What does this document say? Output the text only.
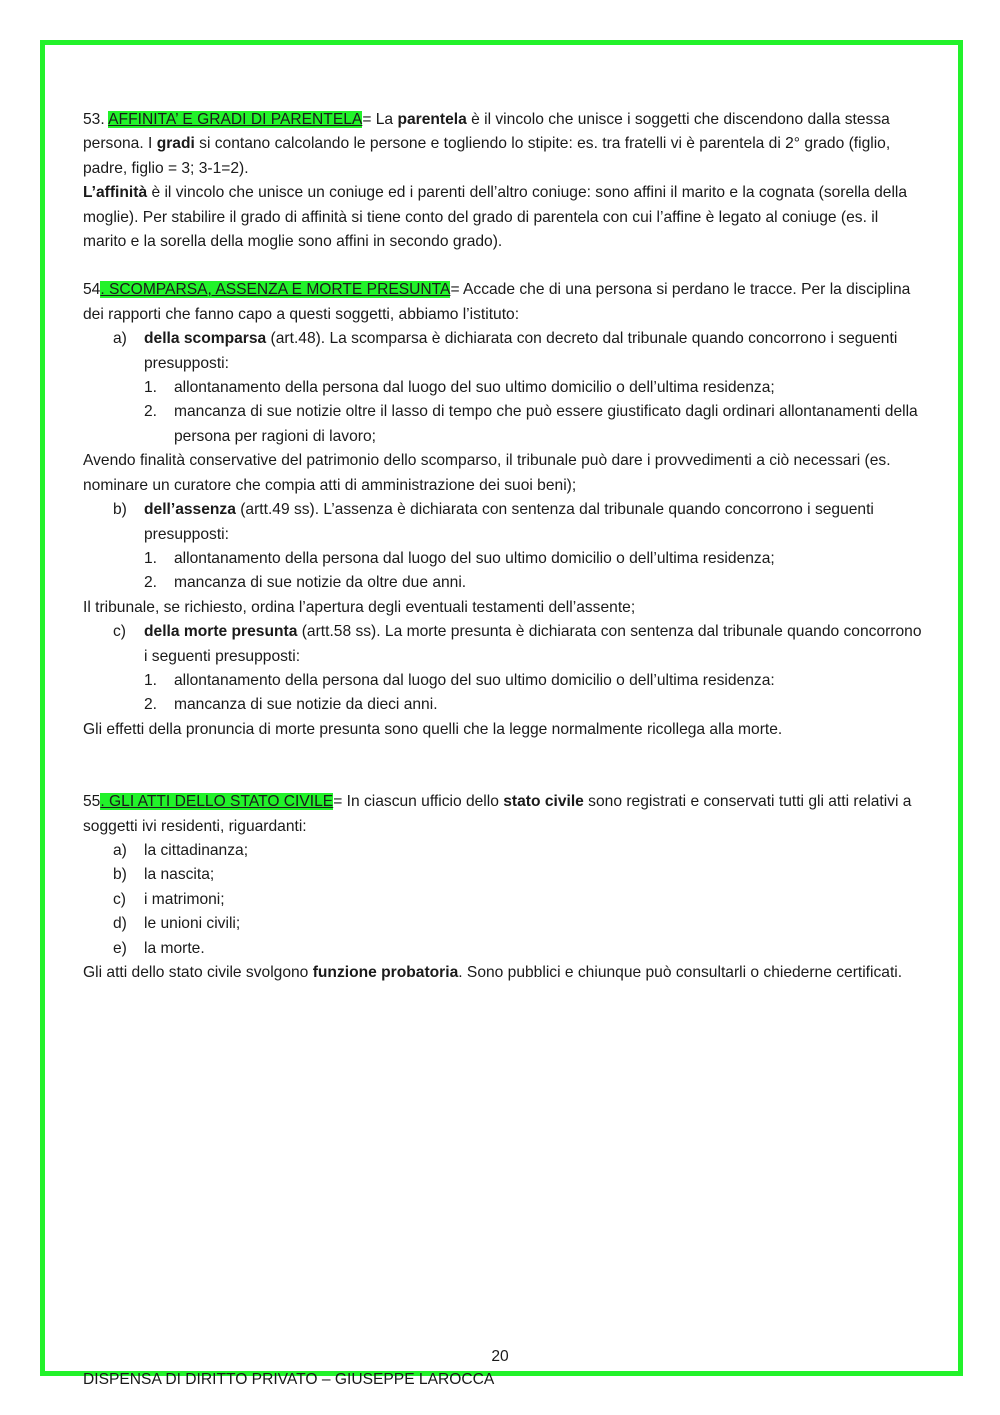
53. AFFINITA’ E GRADI DI PARENTELA= La parentela è il vincolo che unisce i soggetti che discendono dalla stessa persona. I gradi si contano calcolando le persone e togliendo lo stipite: es. tra fratelli vi è parentela di 2° grado (figlio, padre, figlio = 3; 3-1=2).

L’affinità è il vincolo che unisce un coniuge ed i parenti dell’altro coniuge: sono affini il marito e la cognata (sorella della moglie). Per stabilire il grado di affinità si tiene conto del grado di parentela con cui l’affine è legato al coniuge (es. il marito e la sorella della moglie sono affini in secondo grado).

54. SCOMPARSA, ASSENZA E MORTE PRESUNTA= Accade che di una persona si perdano le tracce. Per la disciplina dei rapporti che fanno capo a questi soggetti, abbiamo l’istituto:

a) della scomparsa (art.48). La scomparsa è dichiarata con decreto dal tribunale quando concorrono i seguenti presupposti:
1. allontanamento della persona dal luogo del suo ultimo domicilio o dell’ultima residenza;
2. mancanza di sue notizie oltre il lasso di tempo che può essere giustificato dagli ordinari allontanamenti della persona per ragioni di lavoro;

Avendo finalità conservative del patrimonio dello scomparso, il tribunale può dare i provvedimenti a ciò necessari (es. nominare un curatore che compia atti di amministrazione dei suoi beni);

b) dell’assenza (artt.49 ss). L’assenza è dichiarata con sentenza dal tribunale quando concorrono i seguenti presupposti:
1. allontanamento della persona dal luogo del suo ultimo domicilio o dell’ultima residenza;
2. mancanza di sue notizie da oltre due anni.

Il tribunale, se richiesto, ordina l’apertura degli eventuali testamenti dell’assente;

c) della morte presunta (artt.58 ss). La morte presunta è dichiarata con sentenza dal tribunale quando concorrono i seguenti presupposti:
1. allontanamento della persona dal luogo del suo ultimo domicilio o dell’ultima residenza:
2. mancanza di sue notizie da dieci anni.

Gli effetti della pronuncia di morte presunta sono quelli che la legge normalmente ricollega alla morte.

55. GLI ATTI DELLO STATO CIVILE= In ciascun ufficio dello stato civile sono registrati e conservati tutti gli atti relativi a soggetti ivi residenti, riguardanti:

a) la cittadinanza;
b) la nascita;
c) i matrimoni;
d) le unioni civili;
e) la morte.

Gli atti dello stato civile svolgono funzione probatoria. Sono pubblici e chiunque può consultarli o chiederne certificati.

20
DISPENSA DI DIRITTO PRIVATO – GIUSEPPE LAROCCA
